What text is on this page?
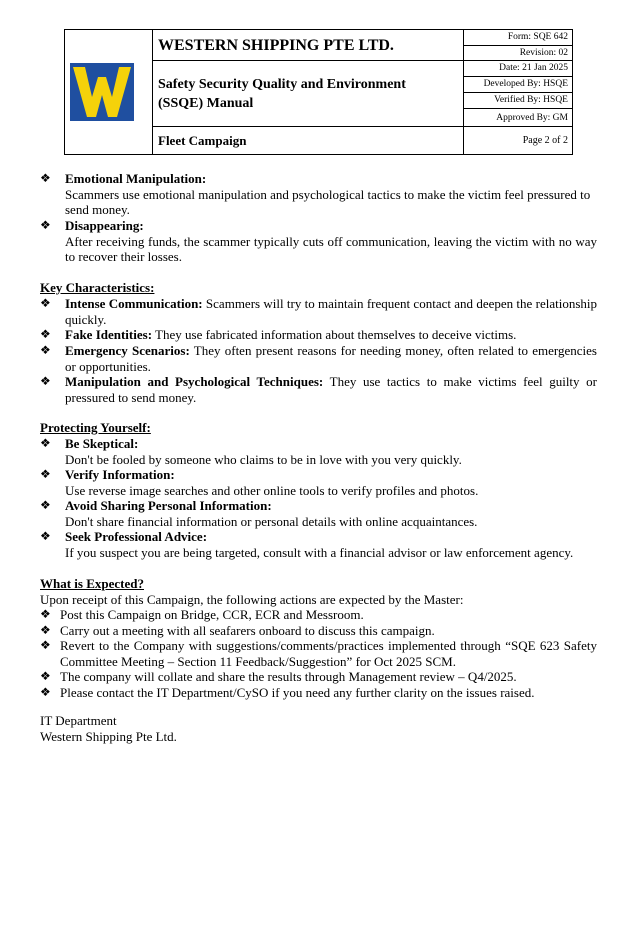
WESTERN SHIPPING PTE LTD.
Safety Security Quality and Environment
(SSQE) Manual
Fleet Campaign
Form: SQE 642
Revision: 02
Date: 21 Jan 2025
Developed By: HSQE
Verified By: HSQE
Approved By: GM
Page 2 of 2
❖ Emotional Manipulation:
Scammers use emotional manipulation and psychological tactics to make the victim feel pressured to send money.
❖ Disappearing:
After receiving funds, the scammer typically cuts off communication, leaving the victim with no way to recover their losses.
Key Characteristics:
❖ Intense Communication: Scammers will try to maintain frequent contact and deepen the relationship quickly.
❖ Fake Identities: They use fabricated information about themselves to deceive victims.
❖ Emergency Scenarios: They often present reasons for needing money, often related to emergencies or opportunities.
❖ Manipulation and Psychological Techniques: They use tactics to make victims feel guilty or pressured to send money.
Protecting Yourself:
❖ Be Skeptical:
Don't be fooled by someone who claims to be in love with you very quickly.
❖ Verify Information:
Use reverse image searches and other online tools to verify profiles and photos.
❖ Avoid Sharing Personal Information:
Don't share financial information or personal details with online acquaintances.
❖ Seek Professional Advice:
If you suspect you are being targeted, consult with a financial advisor or law enforcement agency.
What is Expected?
Upon receipt of this Campaign, the following actions are expected by the Master:
❖ Post this Campaign on Bridge, CCR, ECR and Messroom.
❖ Carry out a meeting with all seafarers onboard to discuss this campaign.
❖ Revert to the Company with suggestions/comments/practices implemented through “SQE 623 Safety Committee Meeting – Section 11 Feedback/Suggestion” for Oct 2025 SCM.
❖ The company will collate and share the results through Management review – Q4/2025.
❖ Please contact the IT Department/CySO if you need any further clarity on the issues raised.
IT Department
Western Shipping Pte Ltd.
